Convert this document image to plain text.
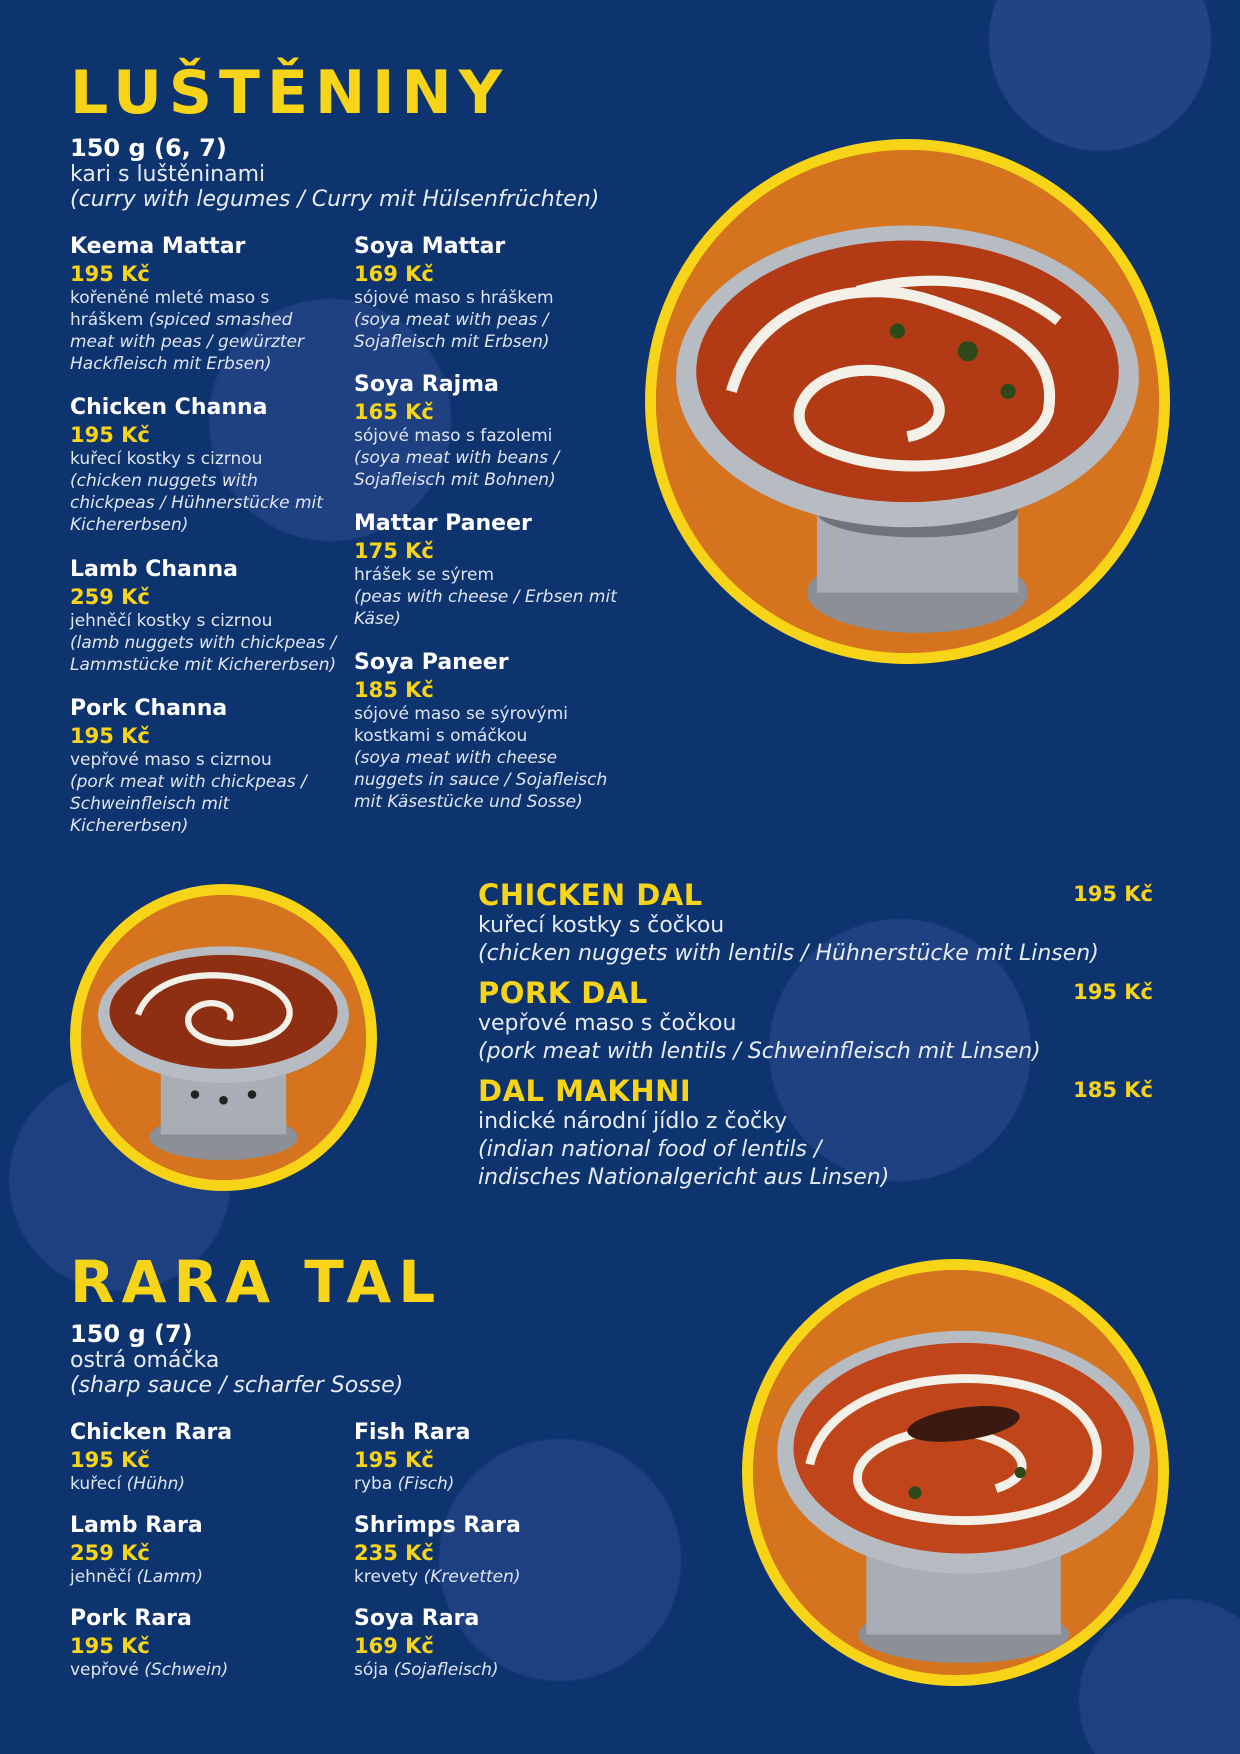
LUŠTĚNINY
150 g (6, 7)
kari s luštěninami
(curry with legumes / Curry mit Hülsenfrüchten)
Keema Mattar
195 Kč
kořeněné mleté maso s hráškem (spiced smashed meat with peas / gewürzter Hackfleisch mit Erbsen)
Chicken Channa
195 Kč
kuřecí kostky s cizrnou
(chicken nuggets with chickpeas / Hühnerstücke mit Kichererbsen)
Lamb Channa
259 Kč
jehněčí kostky s cizrnou
(lamb nuggets with chickpeas / Lammstücke mit Kichererbsen)
Pork Channa
195 Kč
vepřové maso s cizrnou
(pork meat with chickpeas / Schweinfleisch mit Kichererbsen)
Soya Mattar
169 Kč
sójové maso s hráškem
(soya meat with peas / Sojafleisch mit Erbsen)
Soya Rajma
165 Kč
sójové maso s fazolemi
(soya meat with beans / Sojafleisch mit Bohnen)
Mattar Paneer
175 Kč
hrášek se sýrem
(peas with cheese / Erbsen mit Käse)
Soya Paneer
185 Kč
sójové maso se sýrovými kostkami s omáčkou
(soya meat with cheese nuggets in sauce / Sojafleisch mit Käsestücke und Sosse)
CHICKEN DAL	195 Kč
kuřecí kostky s čočkou
(chicken nuggets with lentils / Hühnerstücke mit Linsen)
PORK DAL	195 Kč
vepřové maso s čočkou
(pork meat with lentils / Schweinfleisch mit Linsen)
DAL MAKHNI	185 Kč
indické národní jídlo z čočky
(indian national food of lentils / indisches Nationalgericht aus Linsen)
RARA TAL
150 g (7)
ostrá omáčka
(sharp sauce / scharfer Sosse)
Chicken Rara
195 Kč
kuřecí (Hühn)
Lamb Rara
259 Kč
jehněčí (Lamm)
Pork Rara
195 Kč
vepřové (Schwein)
Fish Rara
195 Kč
ryba (Fisch)
Shrimps Rara
235 Kč
krevety (Krevetten)
Soya Rara
169 Kč
sója (Sojafleisch)
